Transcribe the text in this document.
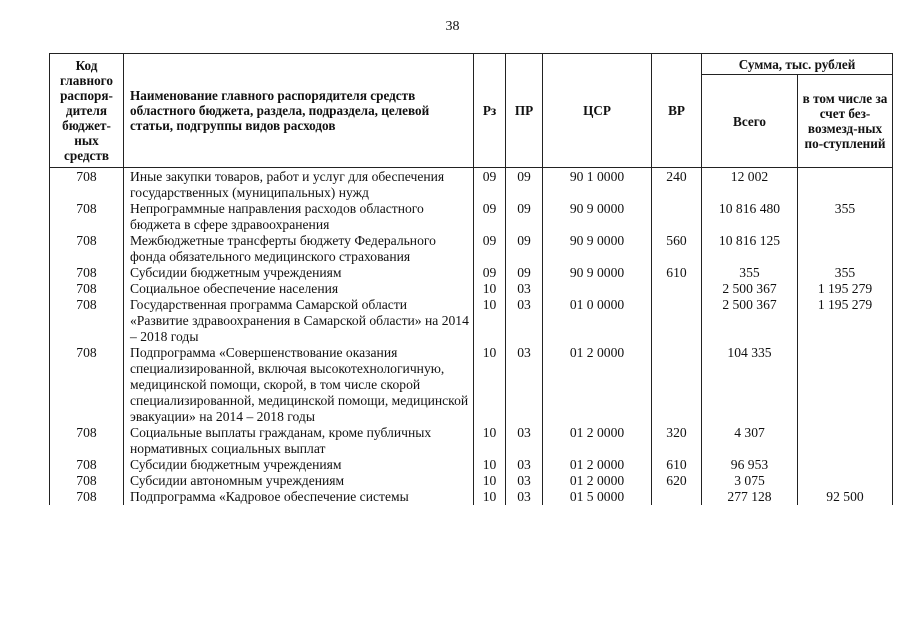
38
Код главного распоря-дителя бюджет-ных средств	Наименование главного распорядителя средств областного бюджета, раздела, подраздела, целевой статьи, подгруппы видов расходов	Рз	ПР	ЦСР	ВР	Сумма, тыс. рублей	
						Всего	в том числе за счет без-возмезд-ных по-ступлений
708	Иные закупки товаров, работ и услуг для обеспечения государственных (муниципальных) нужд	09	09	90 1 0000	240	12 002	
708	Непрограммные направления расходов областного бюджета в сфере здравоохранения	09	09	90 9 0000		10 816 480	355
708	Межбюджетные трансферты бюджету Федерального фонда обязательного медицинского страхования	09	09	90 9 0000	560	10 816 125	
708	Субсидии бюджетным учреждениям	09	09	90 9 0000	610	355	355
708	Социальное обеспечение населения	10	03			2 500 367	1 195 279
708	Государственная программа Самарской области «Развитие здравоохранения в Самарской области» на 2014 – 2018 годы	10	03	01 0 0000		2 500 367	1 195 279
708	Подпрограмма «Совершенствование оказания специализированной, включая высокотехнологичную, медицинской помощи, скорой, в том числе скорой специализированной, медицинской помощи, медицинской эвакуации» на 2014 – 2018 годы	10	03	01 2 0000		104 335	
708	Социальные выплаты гражданам, кроме публичных нормативных социальных выплат	10	03	01 2 0000	320	4 307	
708	Субсидии бюджетным учреждениям	10	03	01 2 0000	610	96 953	
708	Субсидии автономным учреждениям	10	03	01 2 0000	620	3 075	
708	Подпрограмма «Кадровое обеспечение системы	10	03	01 5 0000		277 128	92 500
